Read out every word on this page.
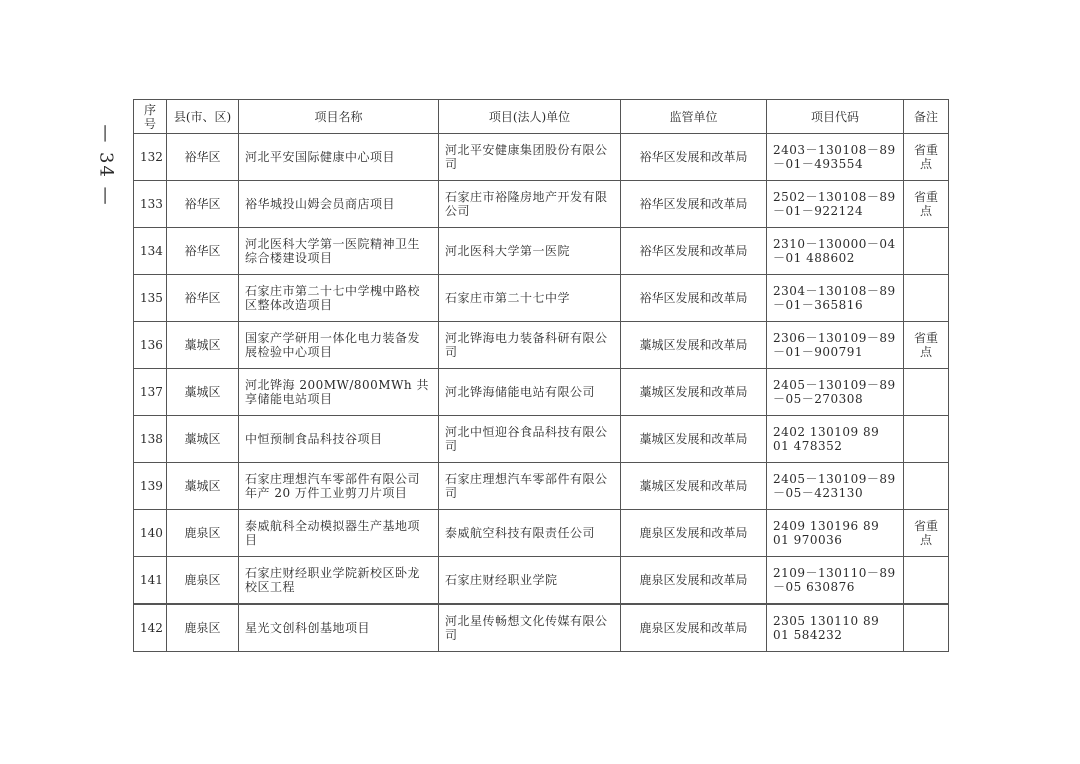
— 34 —
序号	县(市、区)	项目名称	项目(法人)单位	监管单位	项目代码	备注
132	裕华区	河北平安国际健康中心项目	河北平安健康集团股份有限公司	裕华区发展和改革局	2403－130108－89－01－493554	省重点
133	裕华区	裕华城投山姆会员商店项目	石家庄市裕隆房地产开发有限公司	裕华区发展和改革局	2502－130108－89－01－922124	省重点
134	裕华区	河北医科大学第一医院精神卫生综合楼建设项目	河北医科大学第一医院	裕华区发展和改革局	2310－130000－04－01 488602	
135	裕华区	石家庄市第二十七中学槐中路校区整体改造项目	石家庄市第二十七中学	裕华区发展和改革局	2304－130108－89－01－365816	
136	藁城区	国家产学研用一体化电力装备发展检验中心项目	河北铧海电力装备科研有限公司	藁城区发展和改革局	2306－130109－89－01－900791	省重点
137	藁城区	河北铧海 200MW/800MWh 共享储能电站项目	河北铧海储能电站有限公司	藁城区发展和改革局	2405－130109－89－05－270308	
138	藁城区	中恒预制食品科技谷项目	河北中恒迎谷食品科技有限公司	藁城区发展和改革局	2402 130109 89 01 478352	
139	藁城区	石家庄理想汽车零部件有限公司年产 20 万件工业剪刀片项目	石家庄理想汽车零部件有限公司	藁城区发展和改革局	2405－130109－89－05－423130	
140	鹿泉区	泰威航科全动模拟器生产基地项目	泰威航空科技有限责任公司	鹿泉区发展和改革局	2409 130196 89 01 970036	省重点
141	鹿泉区	石家庄财经职业学院新校区卧龙校区工程	石家庄财经职业学院	鹿泉区发展和改革局	2109－130110－89－05 630876	
142	鹿泉区	星光文创科创基地项目	河北星传畅想文化传媒有限公司	鹿泉区发展和改革局	2305 130110 89 01 584232	
